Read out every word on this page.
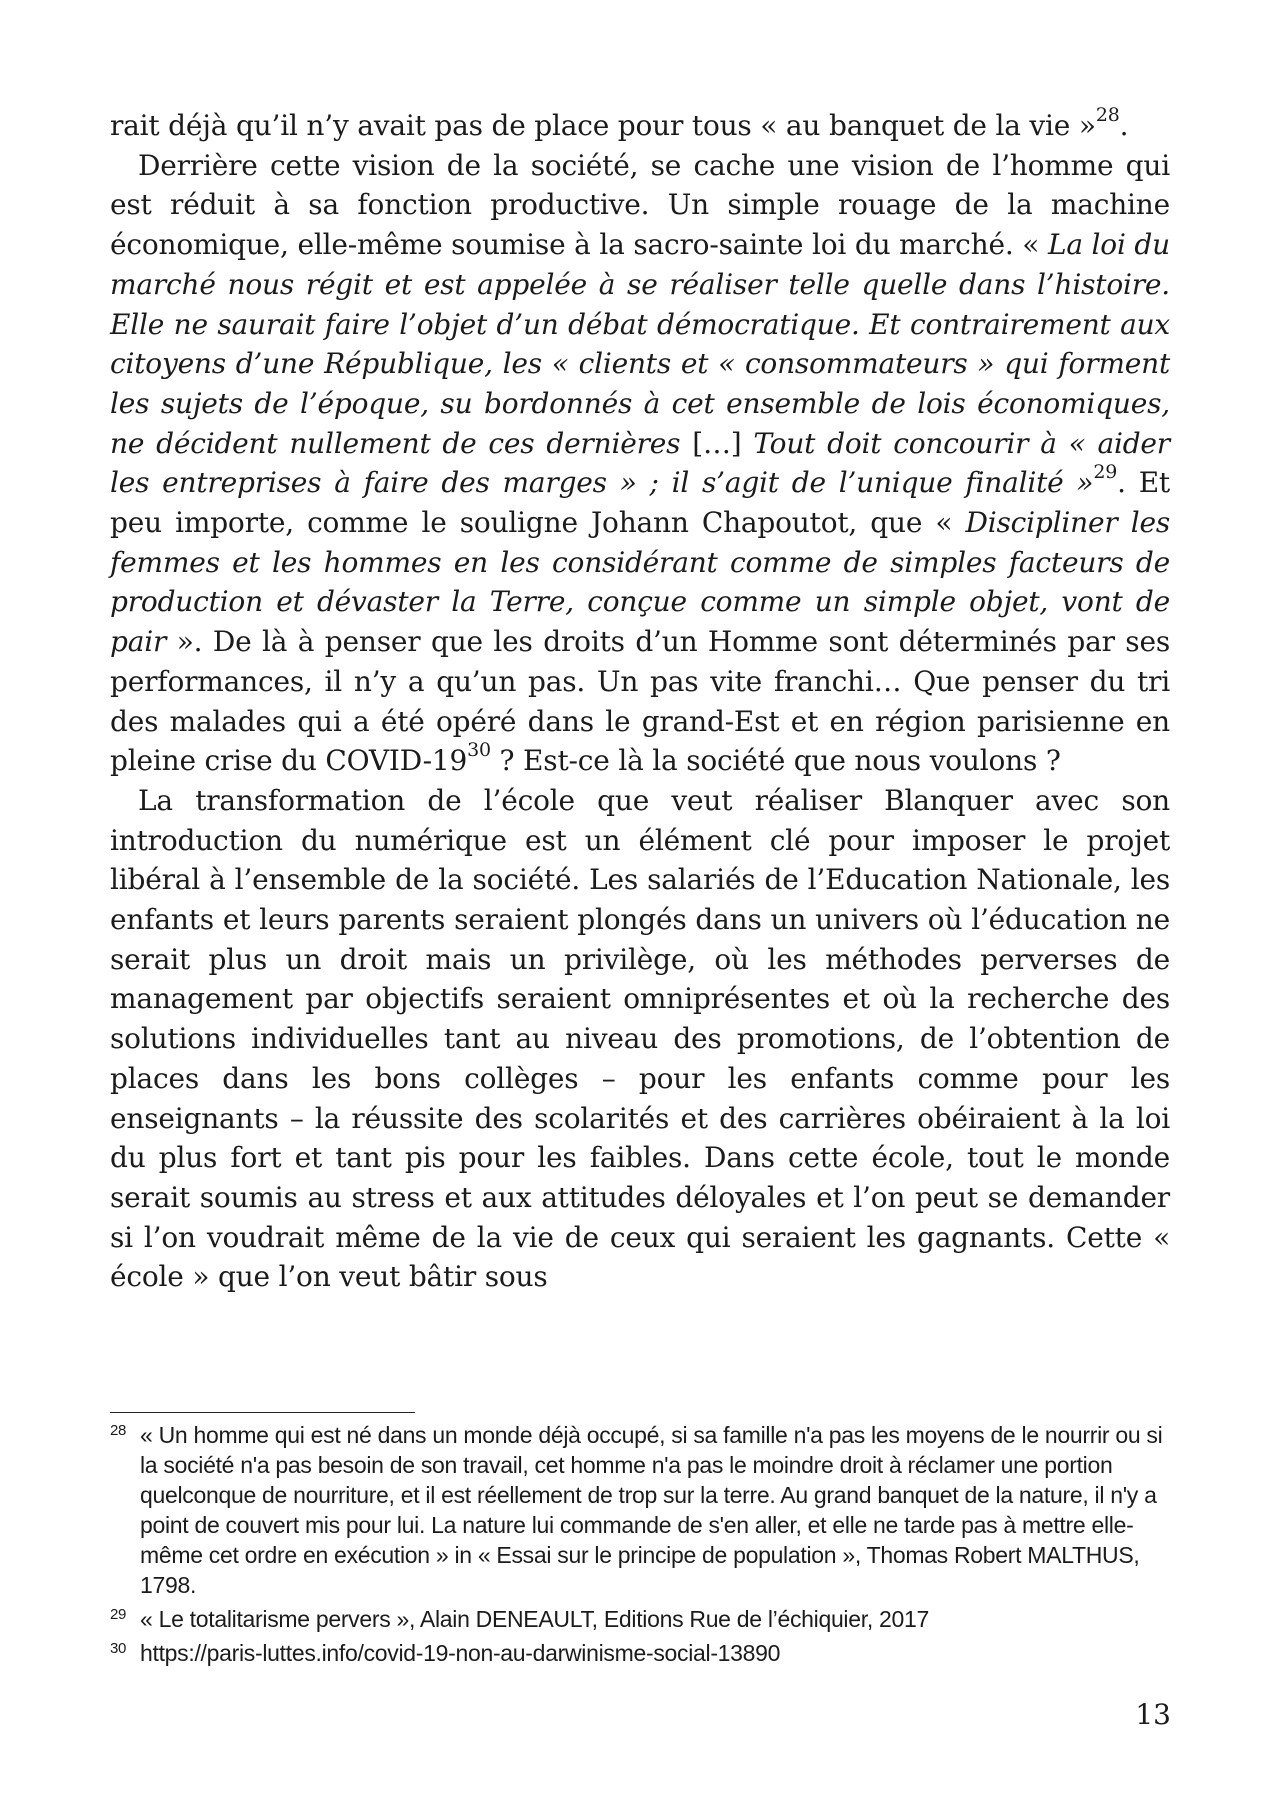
rait déjà qu’il n’y avait pas de place pour tous « au banquet de la vie »$^{28}$.

Derrière cette vision de la société, se cache une vision de l’homme qui est réduit à sa fonction productive. Un simple rouage de la machine économique, elle-même soumise à la sacro-sainte loi du marché. « La loi du marché nous régit et est appelée à se réaliser telle quelle dans l’histoire. Elle ne saurait faire l’objet d’un débat démocratique. Et contrairement aux citoyens d’une République, les « clients et « consommateurs » qui forment les sujets de l’époque, su bordonnés à cet ensemble de lois économiques, ne décident nullement de ces dernières […] Tout doit concourir à « aider les entreprises à faire des marges » ; il s’agit de l’unique finalité »$^{29}$. Et peu importe, comme le souligne Johann Chapoutot, que « Discipliner les femmes et les hommes en les considérant comme de simples facteurs de production et dévaster la Terre, conçue comme un simple objet, vont de pair ». De là à penser que les droits d’un Homme sont déterminés par ses performances, il n’y a qu’un pas. Un pas vite franchi… Que penser du tri des malades qui a été opéré dans le grand-Est et en région parisienne en pleine crise du COVID-$19^{30}$ ? Est-ce là la société que nous voulons ?

La transformation de l’école que veut réaliser Blanquer avec son introduction du numérique est un élément clé pour imposer le projet libéral à l’ensemble de la société. Les salariés de l’Education Nationale, les enfants et leurs parents seraient plongés dans un univers où l’éducation ne serait plus un droit mais un privilège, où les méthodes perverses de management par objectifs seraient omniprésentes et où la recherche des solutions individuelles tant au niveau des promotions, de l’obtention de places dans les bons collèges – pour les enfants comme pour les enseignants – la réussite des scolarités et des carrières obéiraient à la loi du plus fort et tant pis pour les faibles. Dans cette école, tout le monde serait soumis au stress et aux attitudes déloyales et l’on peut se demander si l’on voudrait même de la vie de ceux qui seraient les gagnants. Cette « école » que l’on veut bâtir sous

28 « Un homme qui est né dans un monde déjà occupé, si sa famille n'a pas les moyens de le nourrir ou si la société n'a pas besoin de son travail, cet homme n'a pas le moindre droit à réclamer une portion quelconque de nourriture, et il est réellement de trop sur la terre. Au grand banquet de la nature, il n'y a point de couvert mis pour lui. La nature lui commande de s'en aller, et elle ne tarde pas à mettre elle-même cet ordre en exécution » in « Essai sur le principe de population », Thomas Robert MALTHUS, 1798.
29 « Le totalitarisme pervers », Alain DENEAULT, Editions Rue de l’échiquier, 2017
30 https://paris-luttes.info/covid-19-non-au-darwinisme-social-13890
13
